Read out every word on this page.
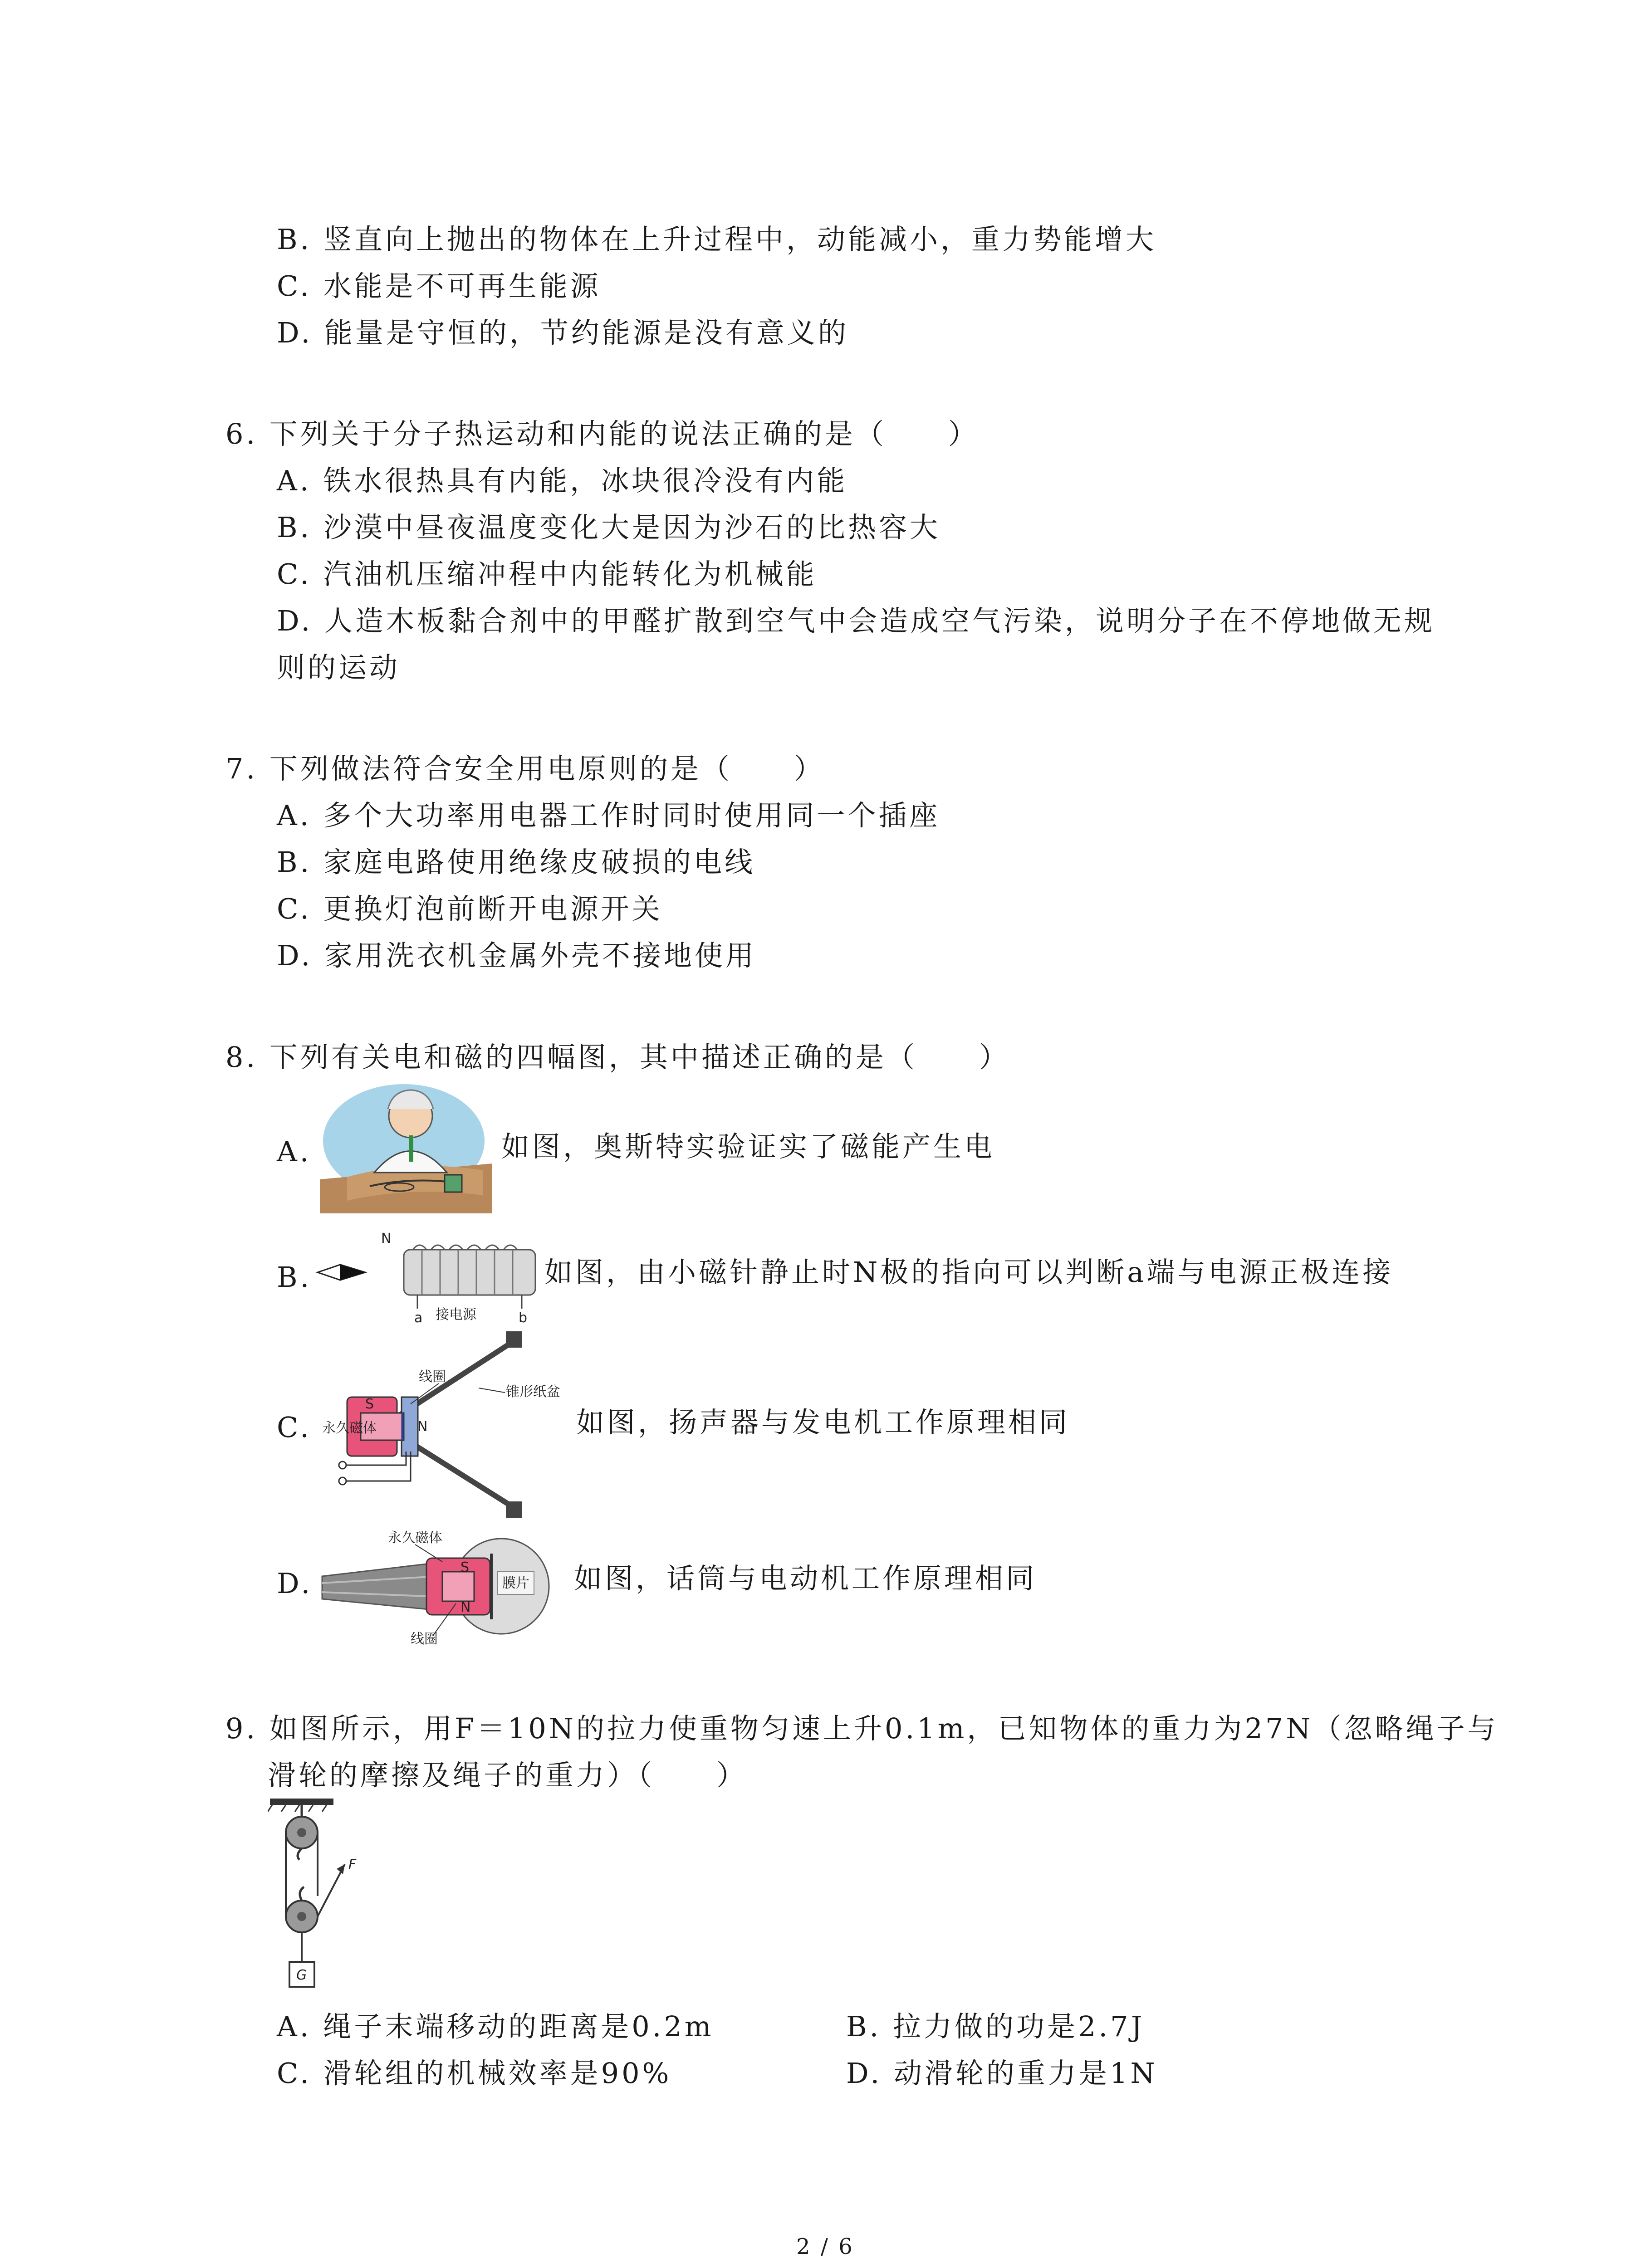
B. 竖直向上抛出的物体在上升过程中，动能减小，重力势能增大
C. 水能是不可再生能源
D. 能量是守恒的，节约能源是没有意义的
6. 下列关于分子热运动和内能的说法正确的是（　　）
A. 铁水很热具有内能，冰块很冷没有内能
B. 沙漠中昼夜温度变化大是因为沙石的比热容大
C. 汽油机压缩冲程中内能转化为机械能
D. 人造木板黏合剂中的甲醛扩散到空气中会造成空气污染，说明分子在不停地做无规
则的运动
7. 下列做法符合安全用电原则的是（　　）
A. 多个大功率用电器工作时同时使用同一个插座
B. 家庭电路使用绝缘皮破损的电线
C. 更换灯泡前断开电源开关
D. 家用洗衣机金属外壳不接地使用
8. 下列有关电和磁的四幅图，其中描述正确的是（　　）
A.	如图，奥斯特实验证实了磁能产生电
B.
N
a	b
接电源
如图，由小磁针静止时N极的指向可以判断a端与电源正极连接
C.	N
S
线圈
锥形纸盆
永久磁体	如图，扬声器与发电机工作原理相同
D.	S
N
膜片
永久磁体
线圈
如图，话筒与电动机工作原理相同
9. 如图所示，用F＝10N的拉力使重物匀速上升0.1m，已知物体的重力为27N（忽略绳子与
滑轮的摩擦及绳子的重力）（　　）
F
G
A. 绳子末端移动的距离是0.2m	B. 拉力做的功是2.7J
C. 滑轮组的机械效率是90%	D. 动滑轮的重力是1N
2 / 6
